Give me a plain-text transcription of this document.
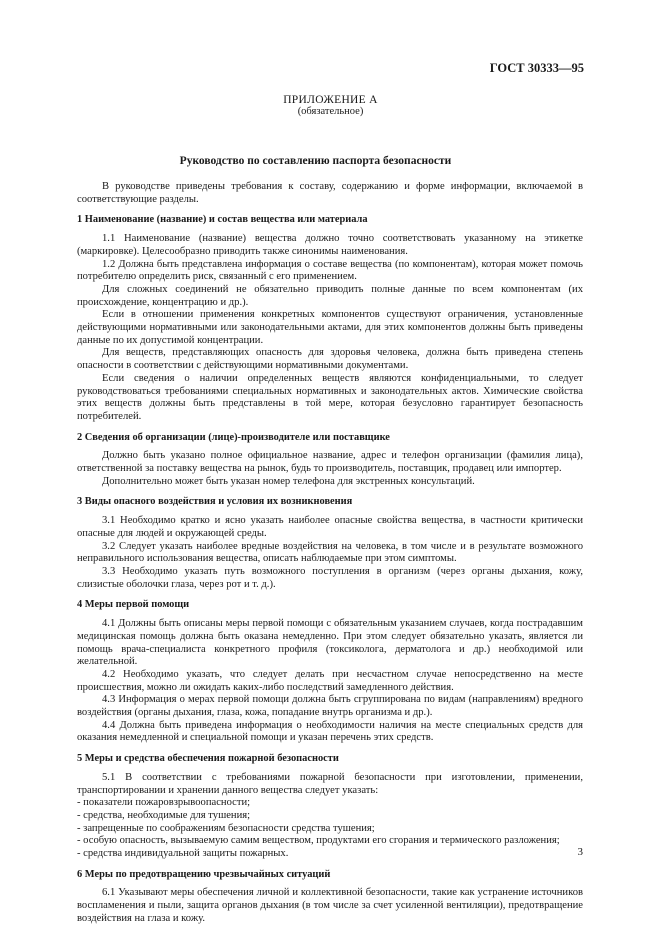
ГОСТ 30333—95
ПРИЛОЖЕНИЕ А
(обязательное)
Руководство по составлению паспорта безопасности

В руководстве приведены требования к составу, содержанию и форме информации, включаемой в соответствующие разделы.

1 Наименование (название) и состав вещества или материала

1.1 Наименование (название) вещества должно точно соответствовать указанному на этикетке (маркировке). Целесообразно приводить также синонимы наименования.

1.2 Должна быть представлена информация о составе вещества (по компонентам), которая может помочь потребителю определить риск, связанный с его применением.

Для сложных соединений не обязательно приводить полные данные по всем компонентам (их происхождение, концентрацию и др.).

Если в отношении применения конкретных компонентов существуют ограничения, установленные действующими нормативными или законодательными актами, для этих компонентов должны быть приведены данные по их допустимой концентрации.

Для веществ, представляющих опасность для здоровья человека, должна быть приведена степень опасности в соответствии с действующими нормативными документами.

Если сведения о наличии определенных веществ являются конфиденциальными, то следует руководствоваться требованиями специальных нормативных и законодательных актов. Химические свойства этих веществ должны быть представлены в той мере, которая безусловно гарантирует безопасность потребителей.

2 Сведения об организации (лице)-производителе или поставщике

Должно быть указано полное официальное название, адрес и телефон организации (фамилия лица), ответственной за поставку вещества на рынок, будь то производитель, поставщик, продавец или импортер.

Дополнительно может быть указан номер телефона для экстренных консультаций.

3 Виды опасного воздействия и условия их возникновения

3.1 Необходимо кратко и ясно указать наиболее опасные свойства вещества, в частности критически опасные для людей и окружающей среды.

3.2 Следует указать наиболее вредные воздействия на человека, в том числе и в результате возможного неправильного использования вещества, описать наблюдаемые при этом симптомы.

3.3 Необходимо указать путь возможного поступления в организм (через органы дыхания, кожу, слизистые оболочки глаза, через рот и т. д.).

4 Меры первой помощи

4.1 Должны быть описаны меры первой помощи с обязательным указанием случаев, когда пострадавшим медицинская помощь должна быть оказана немедленно. При этом следует обязательно указать, является ли помощь врача-специалиста конкретного профиля (токсиколога, дерматолога и др.) необходимой или желательной.

4.2 Необходимо указать, что следует делать при несчастном случае непосредственно на месте происшествия, можно ли ожидать каких-либо последствий замедленного действия.

4.3 Информация о мерах первой помощи должна быть сгруппирована по видам (направлениям) вредного воздействия (органы дыхания, глаза, кожа, попадание внутрь организма и др.).

4.4 Должна быть приведена информация о необходимости наличия на месте специальных средств для оказания немедленной и специальной помощи и указан перечень этих средств.

5 Меры и средства обеспечения пожарной безопасности

5.1 В соответствии с требованиями пожарной безопасности при изготовлении, применении, транспортировании и хранении данного вещества следует указать:

- показатели пожаровзрывоопасности;

- средства, необходимые для тушения;

- запрещенные по соображениям безопасности средства тушения;

- особую опасность, вызываемую самим веществом, продуктами его сгорания и термического разложения;

- средства индивидуальной защиты пожарных.

6 Меры по предотвращению чрезвычайных ситуаций

6.1 Указывают меры обеспечения личной и коллективной безопасности, такие как устранение источников воспламенения и пыли, защита органов дыхания (в том числе за счет усиленной вентиляции), предотвращение воздействия на глаза и кожу.

3
